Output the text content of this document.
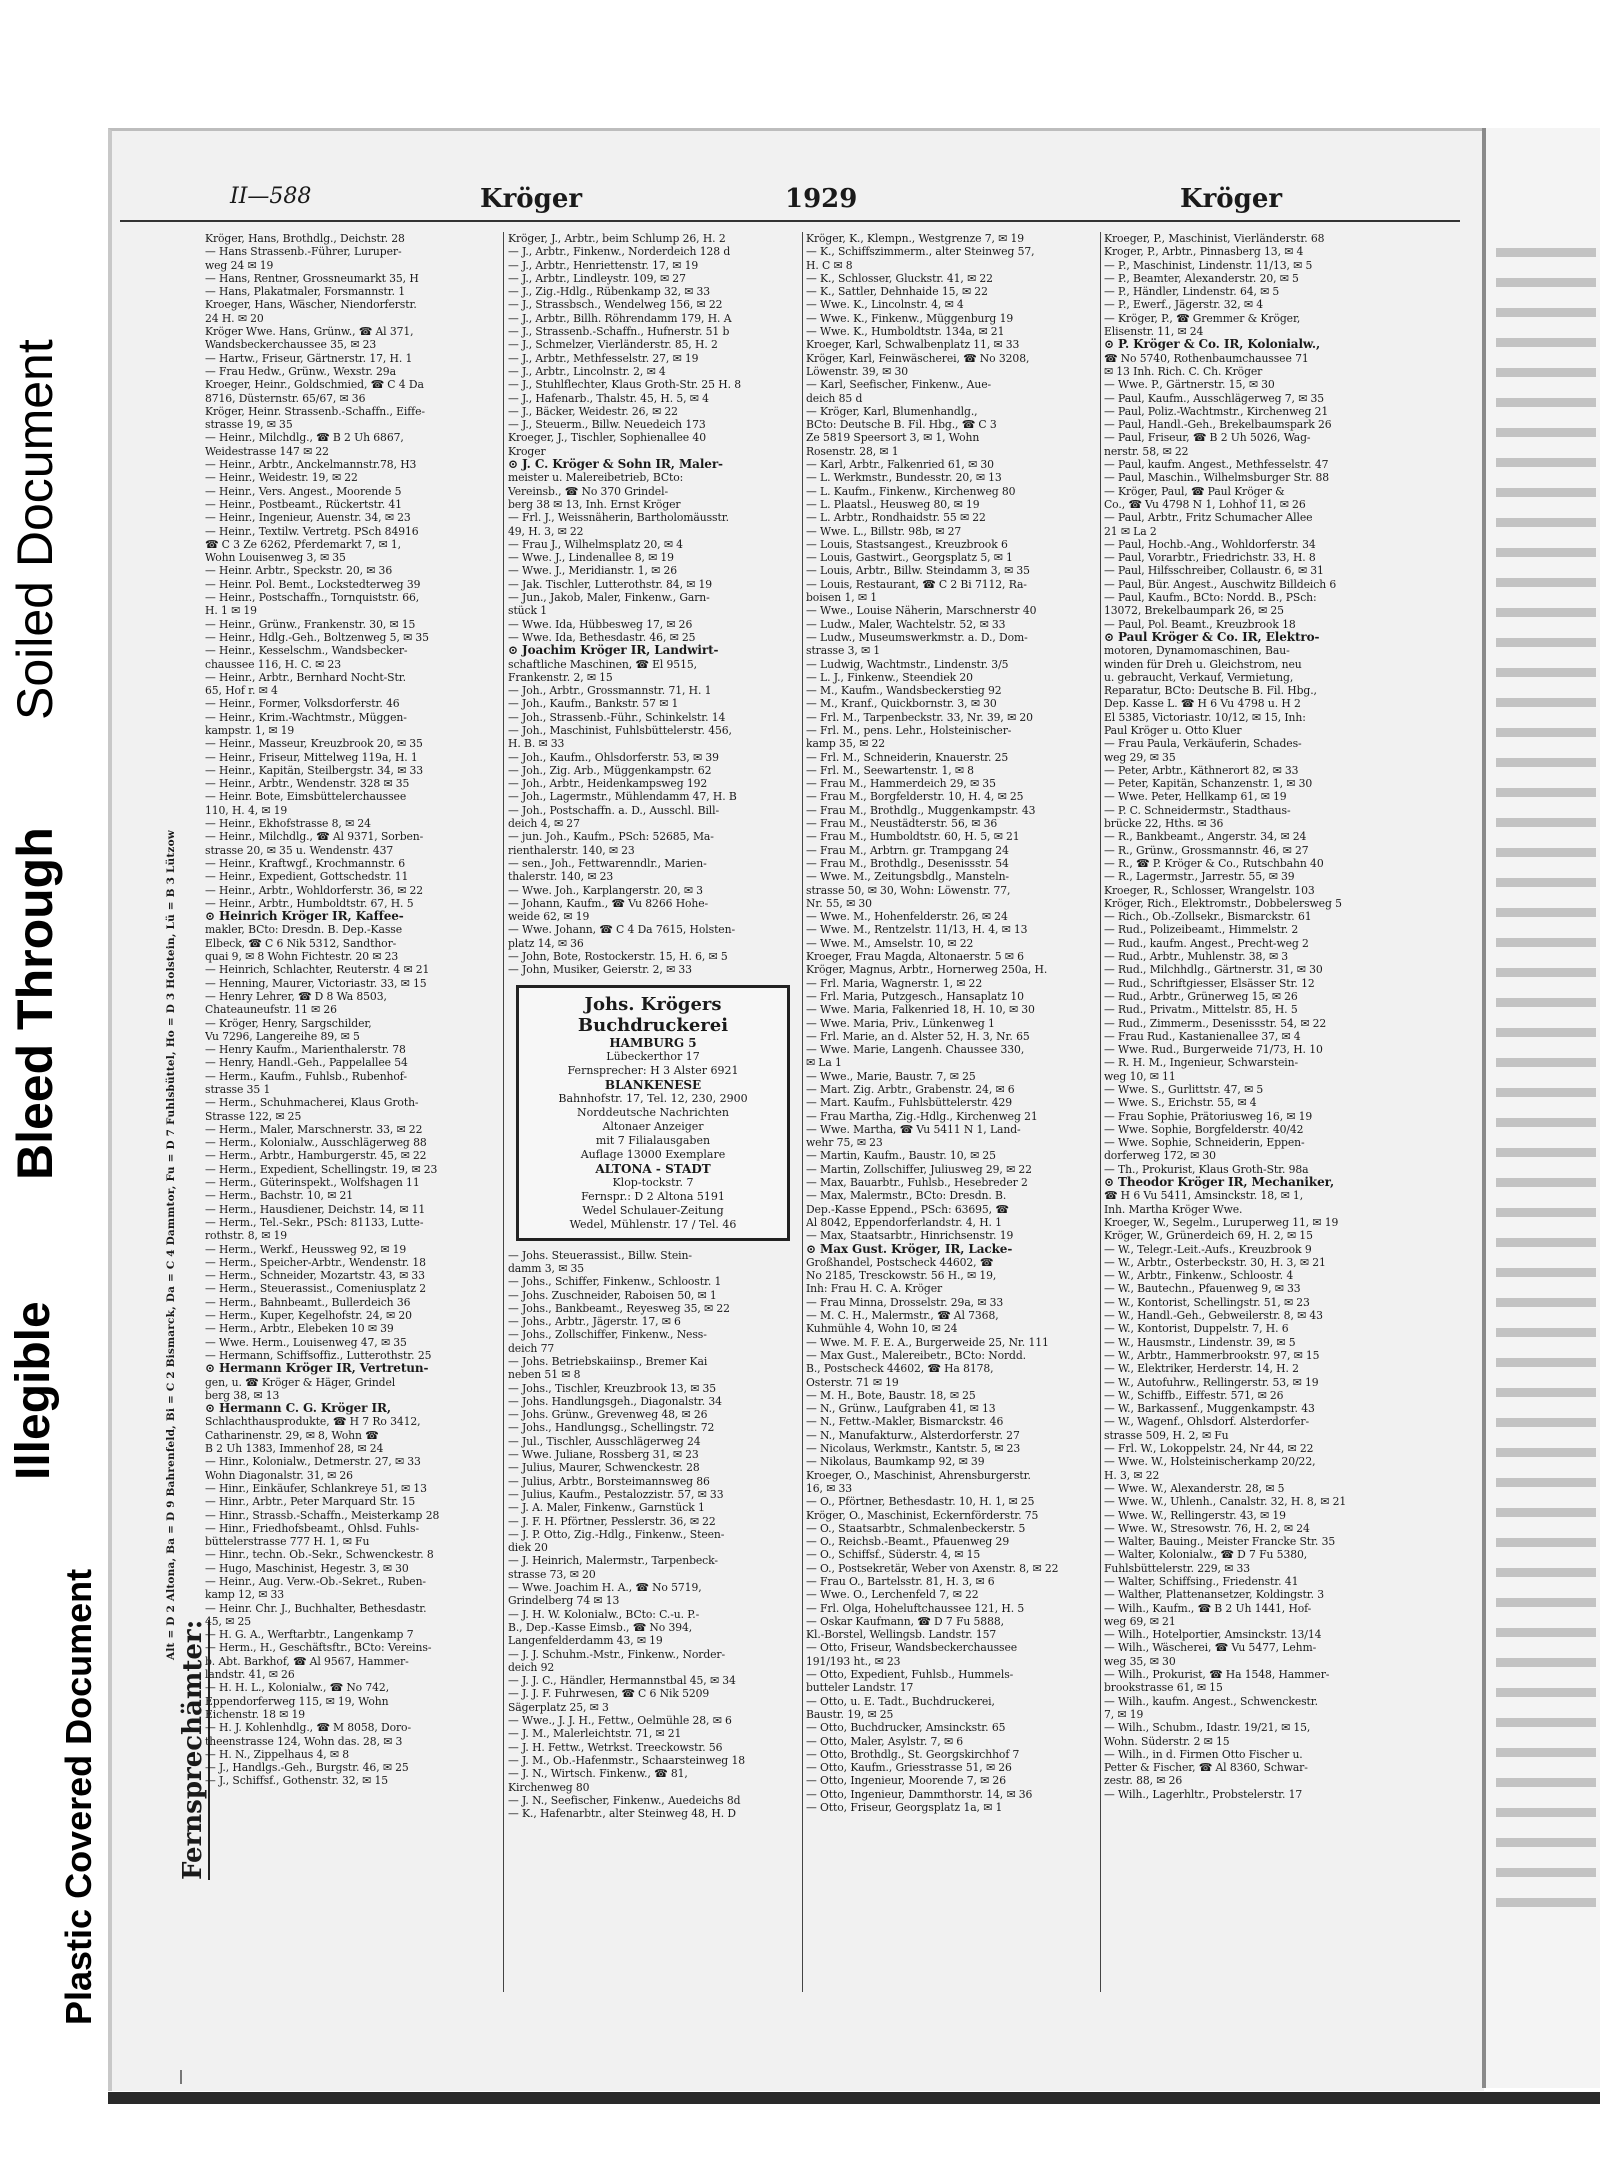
Soiled Document
Bleed Through
Illegible
Plastic Covered Document
II—588	Kröger	1929	Kröger
Fernsprechämter:
Alt = D 2 Altona, Ba = D 9 Bahrenfeld, Bi = C 2 Bismarck, Da = C 4 Dammtor, Fu = D 7 Fuhlsbüttel, Ho = D 3 Holstein, Lü = B 3 Lützow
Kröger, Hans, Brothdlg., Deichstr. 28
— Hans Strassenb.-Führer, Luruper-
weg 24 ✉ 19
— Hans, Rentner, Grossneumarkt 35, H
— Hans, Plakatmaler, Forsmannstr. 1
Kroeger, Hans, Wäscher, Niendorferstr.
24 H. ✉ 20
Kröger Wwe. Hans, Grünw., ☎ Al 371,
Wandsbeckerchaussee 35, ✉ 23
— Hartw., Friseur, Gärtnerstr. 17, H. 1
— Frau Hedw., Grünw., Wexstr. 29a
Kroeger, Heinr., Goldschmied, ☎ C 4 Da
8716, Düsternstr. 65/67, ✉ 36
Kröger, Heinr. Strassenb.-Schaffn., Eiffe-
strasse 19, ✉ 35
— Heinr., Milchdlg., ☎ B 2 Uh 6867,
Weidestrasse 147 ✉ 22
— Heinr., Arbtr., Anckelmannstr.78, H3
— Heinr., Weidestr. 19, ✉ 22
— Heinr., Vers. Angest., Moorende 5
— Heinr., Postbeamt., Rückertstr. 41
— Heinr., Ingenieur, Auenstr. 34, ✉ 23
— Heinr., Textilw. Vertretg. PSch 84916
☎ C 3 Ze 6262, Pferdemarkt 7, ✉ 1,
Wohn Louisenweg 3, ✉ 35
— Heinr. Arbtr., Speckstr. 20, ✉ 36
— Heinr. Pol. Bemt., Lockstedterweg 39
— Heinr., Postschaffn., Tornquiststr. 66,
H. 1 ✉ 19
— Heinr., Grünw., Frankenstr. 30, ✉ 15
— Heinr., Hdlg.-Geh., Boltzenweg 5, ✉ 35
— Heinr., Kesselschm., Wandsbecker-
chaussee 116, H. C. ✉ 23
— Heinr., Arbtr., Bernhard Nocht-Str.
65, Hof r. ✉ 4
— Heinr., Former, Volksdorferstr. 46
— Heinr., Krim.-Wachtmstr., Müggen-
kampstr. 1, ✉ 19
— Heinr., Masseur, Kreuzbrook 20, ✉ 35
— Heinr., Friseur, Mittelweg 119a, H. 1
— Heinr., Kapitän, Steilbergstr. 34, ✉ 33
— Heinr., Arbtr., Wendenstr. 328 ✉ 35
— Heinr. Bote, Eimsbüttelerchaussee
110, H. 4, ✉ 19
— Heinr., Ekhofstrasse 8, ✉ 24
— Heinr., Milchdlg., ☎ Al 9371, Sorben-
strasse 20, ✉ 35 u. Wendenstr. 437
— Heinr., Kraftwgf., Krochmannstr. 6
— Heinr., Expedient, Gottschedstr. 11
— Heinr., Arbtr., Wohldorferstr. 36, ✉ 22
— Heinr., Arbtr., Humboldtstr. 67, H. 5
⊙ Heinrich Kröger IR, Kaffee-
makler, BCto: Dresdn. B. Dep.-Kasse
Elbeck, ☎ C 6 Nik 5312, Sandthor-
quai 9, ✉ 8 Wohn Fichtestr. 20 ✉ 23
— Heinrich, Schlachter, Reuterstr. 4 ✉ 21
— Henning, Maurer, Victoriastr. 33, ✉ 15
— Henry Lehrer, ☎ D 8 Wa 8503,
Chateauneufstr. 11 ✉ 26
— Kröger, Henry, Sargschilder,
Vu 7296, Langereihe 89, ✉ 5
— Henry Kaufm., Marienthalerstr. 78
— Henry, Handl.-Geh., Pappelallee 54
— Herm., Kaufm., Fuhlsb., Rubenhof-
strasse 35 1
— Herm., Schuhmacherei, Klaus Groth-
Strasse 122, ✉ 25
— Herm., Maler, Marschnerstr. 33, ✉ 22
— Herm., Kolonialw., Ausschlägerweg 88
— Herm., Arbtr., Hamburgerstr. 45, ✉ 22
— Herm., Expedient, Schellingstr. 19, ✉ 23
— Herm., Güterinspekt., Wolfshagen 11
— Herm., Bachstr. 10, ✉ 21
— Herm., Hausdiener, Deichstr. 14, ✉ 11
— Herm., Tel.-Sekr., PSch: 81133, Lutte-
rothstr. 8, ✉ 19
— Herm., Werkf., Heussweg 92, ✉ 19
— Herm., Speicher-Arbtr., Wendenstr. 18
— Herm., Schneider, Mozartstr. 43, ✉ 33
— Herm., Steuerassist., Comeniusplatz 2
— Herm., Bahnbeamt., Bullerdeich 36
— Herm., Kuper, Kegelhofstr. 24, ✉ 20
— Herm., Arbtr., Elebeken 10 ✉ 39
— Wwe. Herm., Louisenweg 47, ✉ 35
— Hermann, Schiffsoffiz., Lutterothstr. 25
⊙ Hermann Kröger IR, Vertretun-
gen, u. ☎ Kröger & Häger, Grindel
berg 38, ✉ 13
⊙ Hermann C. G. Kröger IR,
Schlachthausprodukte, ☎ H 7 Ro 3412,
Catharinenstr. 29, ✉ 8, Wohn ☎
B 2 Uh 1383, Immenhof 28, ✉ 24
— Hinr., Kolonialw., Detmerstr. 27, ✉ 33
Wohn Diagonalstr. 31, ✉ 26
— Hinr., Einkäufer, Schlankreye 51, ✉ 13
— Hinr., Arbtr., Peter Marquard Str. 15
— Hinr., Strassb.-Schaffn., Meisterkamp 28
— Hinr., Friedhofsbeamt., Ohlsd. Fuhls-
büttelerstrasse 777 H. 1, ✉ Fu
— Hinr., techn. Ob.-Sekr., Schwenckestr. 8
— Hugo, Maschinist, Hegestr. 3, ✉ 30
— Heinr., Aug. Verw.-Ob.-Sekret., Ruben-
kamp 12, ✉ 33
— Heinr. Chr. J., Buchhalter, Bethesdastr.
45, ✉ 25
— H. G. A., Werftarbtr., Langenkamp 7
— Herm., H., Geschäftsftr., BCto: Vereins-
b. Abt. Barkhof, ☎ Al 9567, Hammer-
landstr. 41, ✉ 26
— H. H. L., Kolonialw., ☎ No 742,
Eppendorferweg 115, ✉ 19, Wohn
Eichenstr. 18 ✉ 19
— H. J. Kohlenhdlg., ☎ M 8058, Doro-
theenstrasse 124, Wohn das. 28, ✉ 3
— H. N., Zippelhaus 4, ✉ 8
— J., Handlgs.-Geh., Burgstr. 46, ✉ 25
— J., Schiffsf., Gothenstr. 32, ✉ 15
Kröger, J., Arbtr., beim Schlump 26, H. 2
— J., Arbtr., Finkenw., Norderdeich 128 d
— J., Arbtr., Henriettenstr. 17, ✉ 19
— J., Arbtr., Lindleystr. 109, ✉ 27
— J., Zig.-Hdlg., Rübenkamp 32, ✉ 33
— J., Strassbsch., Wendelweg 156, ✉ 22
— J., Arbtr., Billh. Röhrendamm 179, H. A
— J., Strassenb.-Schaffn., Hufnerstr. 51 b
— J., Schmelzer, Vierländerstr. 85, H. 2
— J., Arbtr., Methfesselstr. 27, ✉ 19
— J., Arbtr., Lincolnstr. 2, ✉ 4
— J., Stuhlflechter, Klaus Groth-Str. 25 H. 8
— J., Hafenarb., Thalstr. 45, H. 5, ✉ 4
— J., Bäcker, Weidestr. 26, ✉ 22
— J., Steuerm., Billw. Neuedeich 173
Kroeger, J., Tischler, Sophienallee 40
Kroger
⊙ J. C. Kröger & Sohn IR, Maler-
meister u. Malereibetrieb, BCto:
Vereinsb., ☎ No 370 Grindel-
berg 38 ✉ 13, Inh. Ernst Kröger
— Frl. J., Weissnäherin, Bartholomäusstr.
49, H. 3, ✉ 22
— Frau J., Wilhelmsplatz 20, ✉ 4
— Wwe. J., Lindenallee 8, ✉ 19
— Wwe. J., Meridianstr. 1, ✉ 26
— Jak. Tischler, Lutterothstr. 84, ✉ 19
— Jun., Jakob, Maler, Finkenw., Garn-
stück 1
— Wwe. Ida, Hübbesweg 17, ✉ 26
— Wwe. Ida, Bethesdastr. 46, ✉ 25
⊙ Joachim Kröger IR, Landwirt-
schaftliche Maschinen, ☎ El 9515,
Frankenstr. 2, ✉ 15
— Joh., Arbtr., Grossmannstr. 71, H. 1
— Joh., Kaufm., Bankstr. 57 ✉ 1
— Joh., Strassenb.-Führ., Schinkelstr. 14
— Joh., Maschinist, Fuhlsbüttelerstr. 456,
H. B. ✉ 33
— Joh., Kaufm., Ohlsdorferstr. 53, ✉ 39
— Joh., Zig. Arb., Müggenkampstr. 62
— Joh., Arbtr., Heidenkampsweg 192
— Joh., Lagermstr., Mühlendamm 47, H. B
— Joh., Postschaffn. a. D., Ausschl. Bill-
deich 4, ✉ 27
— jun. Joh., Kaufm., PSch: 52685, Ma-
rienthalerstr. 140, ✉ 23
— sen., Joh., Fettwarenndlr., Marien-
thalerstr. 140, ✉ 23
— Wwe. Joh., Karplangerstr. 20, ✉ 3
— Johann, Kaufm., ☎ Vu 8266 Hohe-
weide 62, ✉ 19
— Wwe. Johann, ☎ C 4 Da 7615, Holsten-
platz 14, ✉ 36
— John, Bote, Rostockerstr. 15, H. 6, ✉ 5
— John, Musiker, Geierstr. 2, ✉ 33
Johs. Krögers Buchdruckerei
HAMBURG 5
Lübeckerthor 17
Fernsprecher: H 3 Alster 6921
BLANKENESE
Bahnhofstr. 17, Tel. 12, 230, 2900
Norddeutsche Nachrichten
Altonaer Anzeiger
mit 7 Filialausgaben
Auflage 13000 Exemplare
ALTONA - STADT
Klop-tockstr. 7
Fernspr.: D 2 Altona 5191
Wedel Schulauer-Zeitung
Wedel, Mühlenstr. 17 / Tel. 46
— Johs. Steuerassist., Billw. Stein-
damm 3, ✉ 35
— Johs., Schiffer, Finkenw., Schloostr. 1
— Johs. Zuschneider, Raboisen 50, ✉ 1
— Johs., Bankbeamt., Reyesweg 35, ✉ 22
— Johs., Arbtr., Jägerstr. 17, ✉ 6
— Johs., Zollschiffer, Finkenw., Ness-
deich 77
— Johs. Betriebskaiinsp., Bremer Kai
neben 51 ✉ 8
— Johs., Tischler, Kreuzbrook 13, ✉ 35
— Johs. Handlungsgeh., Diagonalstr. 34
— Johs. Grünw., Grevenweg 48, ✉ 26
— Johs., Handlungsg., Schellingstr. 72
— Jul., Tischler, Ausschlägerweg 24
— Wwe. Juliane, Rossberg 31, ✉ 23
— Julius, Maurer, Schwenckestr. 28
— Julius, Arbtr., Borsteimannsweg 86
— Julius, Kaufm., Pestalozzistr. 57, ✉ 33
— J. A. Maler, Finkenw., Garnstück 1
— J. F. H. Pförtner, Pesslerstr. 36, ✉ 22
— J. P. Otto, Zig.-Hdlg., Finkenw., Steen-
diek 20
— J. Heinrich, Malermstr., Tarpenbeck-
strasse 73, ✉ 20
— Wwe. Joachim H. A., ☎ No 5719,
Grindelberg 74 ✉ 13
— J. H. W. Kolonialw., BCto: C.-u. P.-
B., Dep.-Kasse Eimsb., ☎ No 394,
Langenfelderdamm 43, ✉ 19
— J. J. Schuhm.-Mstr., Finkenw., Norder-
deich 92
— J. J. C., Händler, Hermannstbal 45, ✉ 34
— J. J. F. Fuhrwesen, ☎ C 6 Nik 5209
Sägerplatz 25, ✉ 3
— Wwe., J. J. H., Fettw., Oelmühle 28, ✉ 6
— J. M., Malerleichtstr. 71, ✉ 21
— J. H. Fettw., Wetrkst. Treeckowstr. 56
— J. M., Ob.-Hafenmstr., Schaarsteinweg 18
— J. N., Wirtsch. Finkenw., ☎ 81,
Kirchenweg 80
— J. N., Seefischer, Finkenw., Auedeichs 8d
— K., Hafenarbtr., alter Steinweg 48, H. D
Kröger, K., Klempn., Westgrenze 7, ✉ 19
— K., Schiffszimmerm., alter Steinweg 57,
H. C ✉ 8
— K., Schlosser, Gluckstr. 41, ✉ 22
— K., Sattler, Dehnhaide 15, ✉ 22
— Wwe. K., Lincolnstr. 4, ✉ 4
— Wwe. K., Finkenw., Müggenburg 19
— Wwe. K., Humboldtstr. 134a, ✉ 21
Kroeger, Karl, Schwalbenplatz 11, ✉ 33
Kröger, Karl, Feinwäscherei, ☎ No 3208,
Löwenstr. 39, ✉ 30
— Karl, Seefischer, Finkenw., Aue-
deich 85 d
— Kröger, Karl, Blumenhandlg.,
BCto: Deutsche B. Fil. Hbg., ☎ C 3
Ze 5819 Speersort 3, ✉ 1, Wohn
Rosenstr. 28, ✉ 1
— Karl, Arbtr., Falkenried 61, ✉ 30
— L. Werkmstr., Bundesstr. 20, ✉ 13
— L. Kaufm., Finkenw., Kirchenweg 80
— L. Plaatsl., Heusweg 80, ✉ 19
— L. Arbtr., Rondhaidstr. 55 ✉ 22
— Wwe. L., Billstr. 98b, ✉ 27
— Louis, Stastsangest., Kreuzbrook 6
— Louis, Gastwirt., Georgsplatz 5, ✉ 1
— Louis, Arbtr., Billw. Steindamm 3, ✉ 35
— Louis, Restaurant, ☎ C 2 Bi 7112, Ra-
boisen 1, ✉ 1
— Wwe., Louise Näherin, Marschnerstr 40
— Ludw., Maler, Wachtelstr. 52, ✉ 33
— Ludw., Museumswerkmstr. a. D., Dom-
strasse 3, ✉ 1
— Ludwig, Wachtmstr., Lindenstr. 3/5
— L. J., Finkenw., Steendiek 20
— M., Kaufm., Wandsbeckerstieg 92
— M., Kranf., Quickbornstr. 3, ✉ 30
— Frl. M., Tarpenbeckstr. 33, Nr. 39, ✉ 20
— Frl. M., pens. Lehr., Holsteinischer-
kamp 35, ✉ 22
— Frl. M., Schneiderin, Knauerstr. 25
— Frl. M., Seewartenstr. 1, ✉ 8
— Frau M., Hammerdeich 29, ✉ 35
— Frau M., Borgfelderstr. 10, H. 4, ✉ 25
— Frau M., Brothdlg., Muggenkampstr. 43
— Frau M., Neustädterstr. 56, ✉ 36
— Frau M., Humboldtstr. 60, H. 5, ✉ 21
— Frau M., Arbtrn. gr. Trampgang 24
— Frau M., Brothdlg., Desenissstr. 54
— Wwe. M., Zeitungsbdlg., Mansteln-
strasse 50, ✉ 30, Wohn: Löwenstr. 77,
Nr. 55, ✉ 30
— Wwe. M., Hohenfelderstr. 26, ✉ 24
— Wwe. M., Rentzelstr. 11/13, H. 4, ✉ 13
— Wwe. M., Amselstr. 10, ✉ 22
Kroeger, Frau Magda, Altonaerstr. 5 ✉ 6
Kröger, Magnus, Arbtr., Hornerweg 250a, H.
— Frl. Maria, Wagnerstr. 1, ✉ 22
— Frl. Maria, Putzgesch., Hansaplatz 10
— Wwe. Maria, Falkenried 18, H. 10, ✉ 30
— Wwe. Maria, Priv., Lünkenweg 1
— Frl. Marie, an d. Alster 52, H. 3, Nr. 65
— Wwe. Marie, Langenh. Chaussee 330,
✉ La 1
— Wwe., Marie, Baustr. 7, ✉ 25
— Mart. Zig. Arbtr., Grabenstr. 24, ✉ 6
— Mart. Kaufm., Fuhlsbüttelerstr. 429
— Frau Martha, Zig.-Hdlg., Kirchenweg 21
— Wwe. Martha, ☎ Vu 5411 N 1, Land-
wehr 75, ✉ 23
— Martin, Kaufm., Baustr. 10, ✉ 25
— Martin, Zollschiffer, Juliusweg 29, ✉ 22
— Max, Bauarbtr., Fuhlsb., Hesebreder 2
— Max, Malermstr., BCto: Dresdn. B.
Dep.-Kasse Eppend., PSch: 63695, ☎
Al 8042, Eppendorferlandstr. 4, H. 1
— Max, Staatsarbtr., Hinrichsenstr. 19
⊙ Max Gust. Kröger, IR, Lacke-
Großhandel, Postscheck 44602, ☎
No 2185, Tresckowstr. 56 H., ✉ 19,
Inh: Frau H. C. A. Kröger
— Frau Minna, Drosselstr. 29a, ✉ 33
— M. C. H., Malermstr., ☎ Al 7368,
Kuhmühle 4, Wohn 10, ✉ 24
— Wwe. M. F. E. A., Burgerweide 25, Nr. 111
— Max Gust., Malereibetr., BCto: Nordd.
B., Postscheck 44602, ☎ Ha 8178,
Osterstr. 71 ✉ 19
— M. H., Bote, Baustr. 18, ✉ 25
— N., Grünw., Laufgraben 41, ✉ 13
— N., Fettw.-Makler, Bismarckstr. 46
— N., Manufakturw., Alsterdorferstr. 27
— Nicolaus, Werkmstr., Kantstr. 5, ✉ 23
— Nikolaus, Baumkamp 92, ✉ 39
Kroeger, O., Maschinist, Ahrensburgerstr.
16, ✉ 33
— O., Pförtner, Bethesdastr. 10, H. 1, ✉ 25
Kröger, O., Maschinist, Eckernförderstr. 75
— O., Staatsarbtr., Schmalenbeckerstr. 5
— O., Reichsb.-Beamt., Pfauenweg 29
— O., Schiffsf., Süderstr. 4, ✉ 15
— O., Postsekretär, Weber von Axenstr. 8, ✉ 22
— Frau O., Bartelsstr. 81, H. 3, ✉ 6
— Wwe. O., Lerchenfeld 7, ✉ 22
— Frl. Olga, Hoheluftchaussee 121, H. 5
— Oskar Kaufmann, ☎ D 7 Fu 5888,
Kl.-Borstel, Wellingsb. Landstr. 157
— Otto, Friseur, Wandsbeckerchaussee
191/193 ht., ✉ 23
— Otto, Expedient, Fuhlsb., Hummels-
butteler Landstr. 17
— Otto, u. E. Tadt., Buchdruckerei,
Baustr. 19, ✉ 25
— Otto, Buchdrucker, Amsinckstr. 65
— Otto, Maler, Asylstr. 7, ✉ 6
— Otto, Brothdlg., St. Georgskirchhof 7
— Otto, Kaufm., Griesstrasse 51, ✉ 26
— Otto, Ingenieur, Moorende 7, ✉ 26
— Otto, Ingenieur, Dammthorstr. 14, ✉ 36
— Otto, Friseur, Georgsplatz 1a, ✉ 1
Kroeger, P., Maschinist, Vierländerstr. 68
Kroger, P., Arbtr., Pinnasberg 13, ✉ 4
— P., Maschinist, Lindenstr. 11/13, ✉ 5
— P., Beamter, Alexanderstr. 20, ✉ 5
— P., Händler, Lindenstr. 64, ✉ 5
— P., Ewerf., Jägerstr. 32, ✉ 4
— Kröger, P., ☎ Gremmer & Kröger,
Elisenstr. 11, ✉ 24
⊙ P. Kröger & Co. IR, Kolonialw.,
☎ No 5740, Rothenbaumchaussee 71
✉ 13 Inh. Rich. C. Ch. Kröger
— Wwe. P., Gärtnerstr. 15, ✉ 30
— Paul, Kaufm., Ausschlägerweg 7, ✉ 35
— Paul, Poliz.-Wachtmstr., Kirchenweg 21
— Paul, Handl.-Geh., Brekelbaumspark 26
— Paul, Friseur, ☎ B 2 Uh 5026, Wag-
nerstr. 58, ✉ 22
— Paul, kaufm. Angest., Methfesselstr. 47
— Paul, Maschin., Wilhelmsburger Str. 88
— Kröger, Paul, ☎ Paul Kröger &
Co., ☎ Vu 4798 N 1, Lohhof 11, ✉ 26
— Paul, Arbtr., Fritz Schumacher Allee
21 ✉ La 2
— Paul, Hochb.-Ang., Wohldorferstr. 34
— Paul, Vorarbtr., Friedrichstr. 33, H. 8
— Paul, Hilfsschreiber, Collaustr. 6, ✉ 31
— Paul, Bür. Angest., Auschwitz Billdeich 6
— Paul, Kaufm., BCto: Nordd. B., PSch:
13072, Brekelbaumpark 26, ✉ 25
— Paul, Pol. Beamt., Kreuzbrook 18
⊙ Paul Kröger & Co. IR, Elektro-
motoren, Dynamomaschinen, Bau-
winden für Dreh u. Gleichstrom, neu
u. gebraucht, Verkauf, Vermietung,
Reparatur, BCto: Deutsche B. Fil. Hbg.,
Dep. Kasse L. ☎ H 6 Vu 4798 u. H 2
El 5385, Victoriastr. 10/12, ✉ 15, Inh:
Paul Kröger u. Otto Kluer
— Frau Paula, Verkäuferin, Schades-
weg 29, ✉ 35
— Peter, Arbtr., Käthnerort 82, ✉ 33
— Peter, Kapitän, Schanzenstr. 1, ✉ 30
— Wwe. Peter, Hellkamp 61, ✉ 19
— P. C. Schneidermstr., Stadthaus-
brücke 22, Hths. ✉ 36
— R., Bankbeamt., Angerstr. 34, ✉ 24
— R., Grünw., Grossmannstr. 46, ✉ 27
— R., ☎ P. Kröger & Co., Rutschbahn 40
— R., Lagermstr., Jarrestr. 55, ✉ 39
Kroeger, R., Schlosser, Wrangelstr. 103
Kröger, Rich., Elektromstr., Dobbelersweg 5
— Rich., Ob.-Zollsekr., Bismarckstr. 61
— Rud., Polizeibeamt., Himmelstr. 2
— Rud., kaufm. Angest., Precht-weg 2
— Rud., Arbtr., Muhlenstr. 38, ✉ 3
— Rud., Milchhdlg., Gärtnerstr. 31, ✉ 30
— Rud., Schriftgiesser, Elsässer Str. 12
— Rud., Arbtr., Grünerweg 15, ✉ 26
— Rud., Privatm., Mittelstr. 85, H. 5
— Rud., Zimmerm., Desenissstr. 54, ✉ 22
— Frau Rud., Kastanienallee 37, ✉ 4
— Wwe. Rud., Burgerweide 71/73, H. 10
— R. H. M., Ingenieur, Schwarstein-
weg 10, ✉ 11
— Wwe. S., Gurlittstr. 47, ✉ 5
— Wwe. S., Erichstr. 55, ✉ 4
— Frau Sophie, Prätoriusweg 16, ✉ 19
— Wwe. Sophie, Borgfelderstr. 40/42
— Wwe. Sophie, Schneiderin, Eppen-
dorferweg 172, ✉ 30
— Th., Prokurist, Klaus Groth-Str. 98a
⊙ Theodor Kröger IR, Mechaniker,
☎ H 6 Vu 5411, Amsinckstr. 18, ✉ 1,
Inh. Martha Kröger Wwe.
Kroeger, W., Segelm., Luruperweg 11, ✉ 19
Kröger, W., Grünerdeich 69, H. 2, ✉ 15
— W., Telegr.-Leit.-Aufs., Kreuzbrook 9
— W., Arbtr., Osterbeckstr. 30, H. 3, ✉ 21
— W., Arbtr., Finkenw., Schloostr. 4
— W., Bautechn., Pfauenweg 9, ✉ 33
— W., Kontorist, Schellingstr. 51, ✉ 23
— W., Handl.-Geh., Gebweilerstr. 8, ✉ 43
— W., Kontorist, Duppelstr. 7, H. 6
— W., Hausmstr., Lindenstr. 39, ✉ 5
— W., Arbtr., Hammerbrookstr. 97, ✉ 15
— W., Elektriker, Herderstr. 14, H. 2
— W., Autofuhrw., Rellingerstr. 53, ✉ 19
— W., Schiffb., Eiffestr. 571, ✉ 26
— W., Barkassenf., Muggenkampstr. 43
— W., Wagenf., Ohlsdorf. Alsterdorfer-
strasse 509, H. 2, ✉ Fu
— Frl. W., Lokoppelstr. 24, Nr 44, ✉ 22
— Wwe. W., Holsteinischerkamp 20/22,
H. 3, ✉ 22
— Wwe. W., Alexanderstr. 28, ✉ 5
— Wwe. W., Uhlenh., Canalstr. 32, H. 8, ✉ 21
— Wwe. W., Rellingerstr. 43, ✉ 19
— Wwe. W., Stresowstr. 76, H. 2, ✉ 24
— Walter, Bauing., Meister Francke Str. 35
— Walter, Kolonialw., ☎ D 7 Fu 5380,
Fuhlsbüttelerstr. 229, ✉ 33
— Walter, Schiffsing., Friedenstr. 41
— Walther, Plattenansetzer, Koldingstr. 3
— Wilh., Kaufm., ☎ B 2 Uh 1441, Hof-
weg 69, ✉ 21
— Wilh., Hotelportier, Amsinckstr. 13/14
— Wilh., Wäscherei, ☎ Vu 5477, Lehm-
weg 35, ✉ 30
— Wilh., Prokurist, ☎ Ha 1548, Hammer-
brookstrasse 61, ✉ 15
— Wilh., kaufm. Angest., Schwenckestr.
7, ✉ 19
— Wilh., Schubm., Idastr. 19/21, ✉ 15,
Wohn. Süderstr. 2 ✉ 15
— Wilh., in d. Firmen Otto Fischer u.
Petter & Fischer, ☎ Al 8360, Schwar-
zestr. 88, ✉ 26
— Wilh., Lagerhltr., Probstelerstr. 17
